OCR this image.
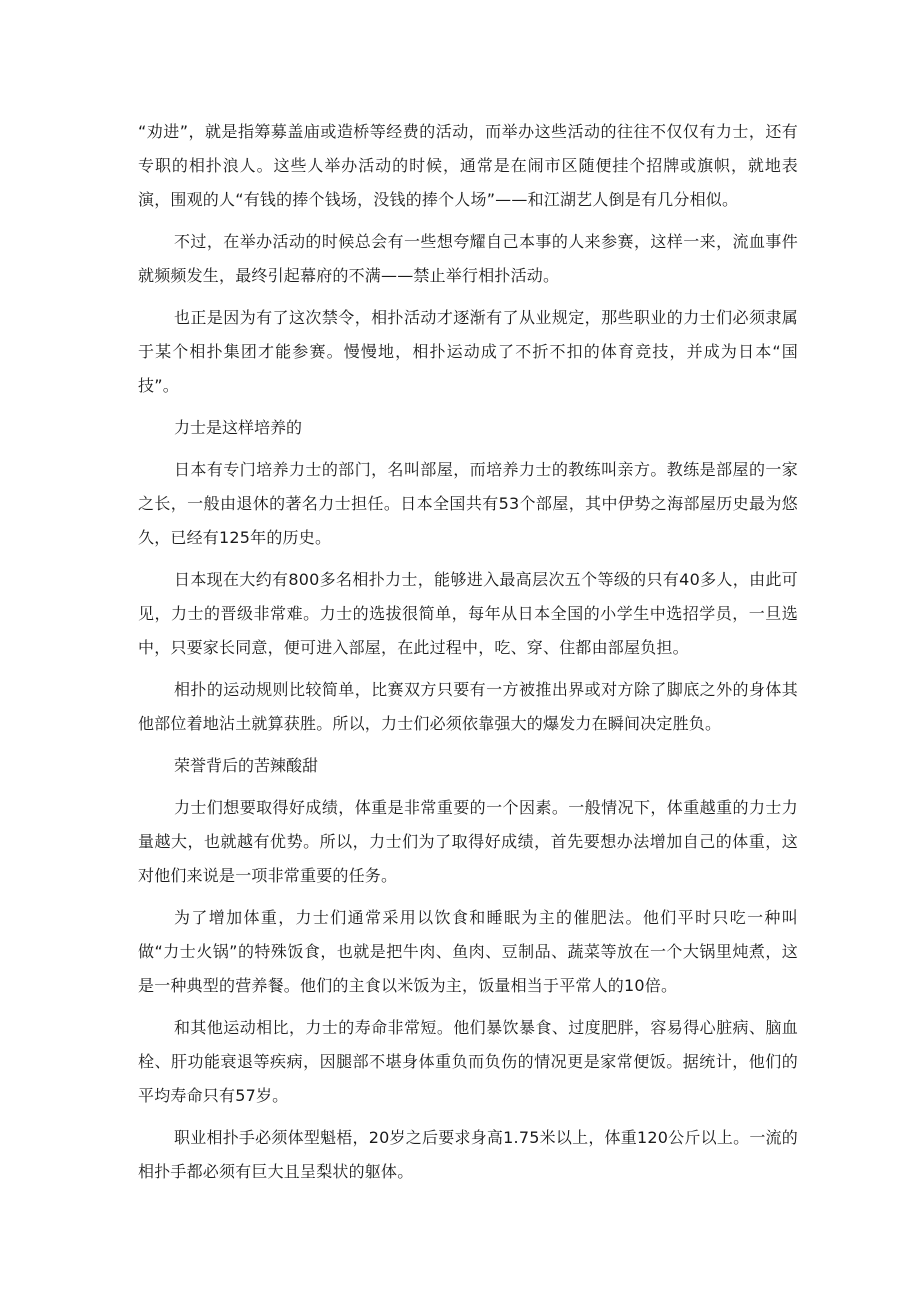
“劝进”，就是指筹募盖庙或造桥等经费的活动，而举办这些活动的往往不仅仅有力士，还有专职的相扑浪人。这些人举办活动的时候，通常是在闹市区随便挂个招牌或旗帜，就地表演，围观的人“有钱的捧个钱场，没钱的捧个人场”——和江湖艺人倒是有几分相似。

不过，在举办活动的时候总会有一些想夸耀自己本事的人来参赛，这样一来，流血事件就频频发生，最终引起幕府的不满——禁止举行相扑活动。

也正是因为有了这次禁令，相扑活动才逐渐有了从业规定，那些职业的力士们必须隶属于某个相扑集团才能参赛。慢慢地，相扑运动成了不折不扣的体育竞技，并成为日本“国技”。

力士是这样培养的

日本有专门培养力士的部门，名叫部屋，而培养力士的教练叫亲方。教练是部屋的一家之长，一般由退休的著名力士担任。日本全国共有53个部屋，其中伊势之海部屋历史最为悠久，已经有125年的历史。

日本现在大约有800多名相扑力士，能够进入最高层次五个等级的只有40多人，由此可见，力士的晋级非常难。力士的选拔很简单，每年从日本全国的小学生中选招学员，一旦选中，只要家长同意，便可进入部屋，在此过程中，吃、穿、住都由部屋负担。

相扑的运动规则比较简单，比赛双方只要有一方被推出界或对方除了脚底之外的身体其他部位着地沾土就算获胜。所以，力士们必须依靠强大的爆发力在瞬间决定胜负。

荣誉背后的苦辣酸甜

力士们想要取得好成绩，体重是非常重要的一个因素。一般情况下，体重越重的力士力量越大，也就越有优势。所以，力士们为了取得好成绩，首先要想办法增加自己的体重，这对他们来说是一项非常重要的任务。

为了增加体重，力士们通常采用以饮食和睡眠为主的催肥法。他们平时只吃一种叫做“力士火锅”的特殊饭食，也就是把牛肉、鱼肉、豆制品、蔬菜等放在一个大锅里炖煮，这是一种典型的营养餐。他们的主食以米饭为主，饭量相当于平常人的10倍。

和其他运动相比，力士的寿命非常短。他们暴饮暴食、过度肥胖，容易得心脏病、脑血栓、肝功能衰退等疾病，因腿部不堪身体重负而负伤的情况更是家常便饭。据统计，他们的平均寿命只有57岁。

职业相扑手必须体型魁梧，20岁之后要求身高1.75米以上，体重120公斤以上。一流的相扑手都必须有巨大且呈梨状的躯体。
